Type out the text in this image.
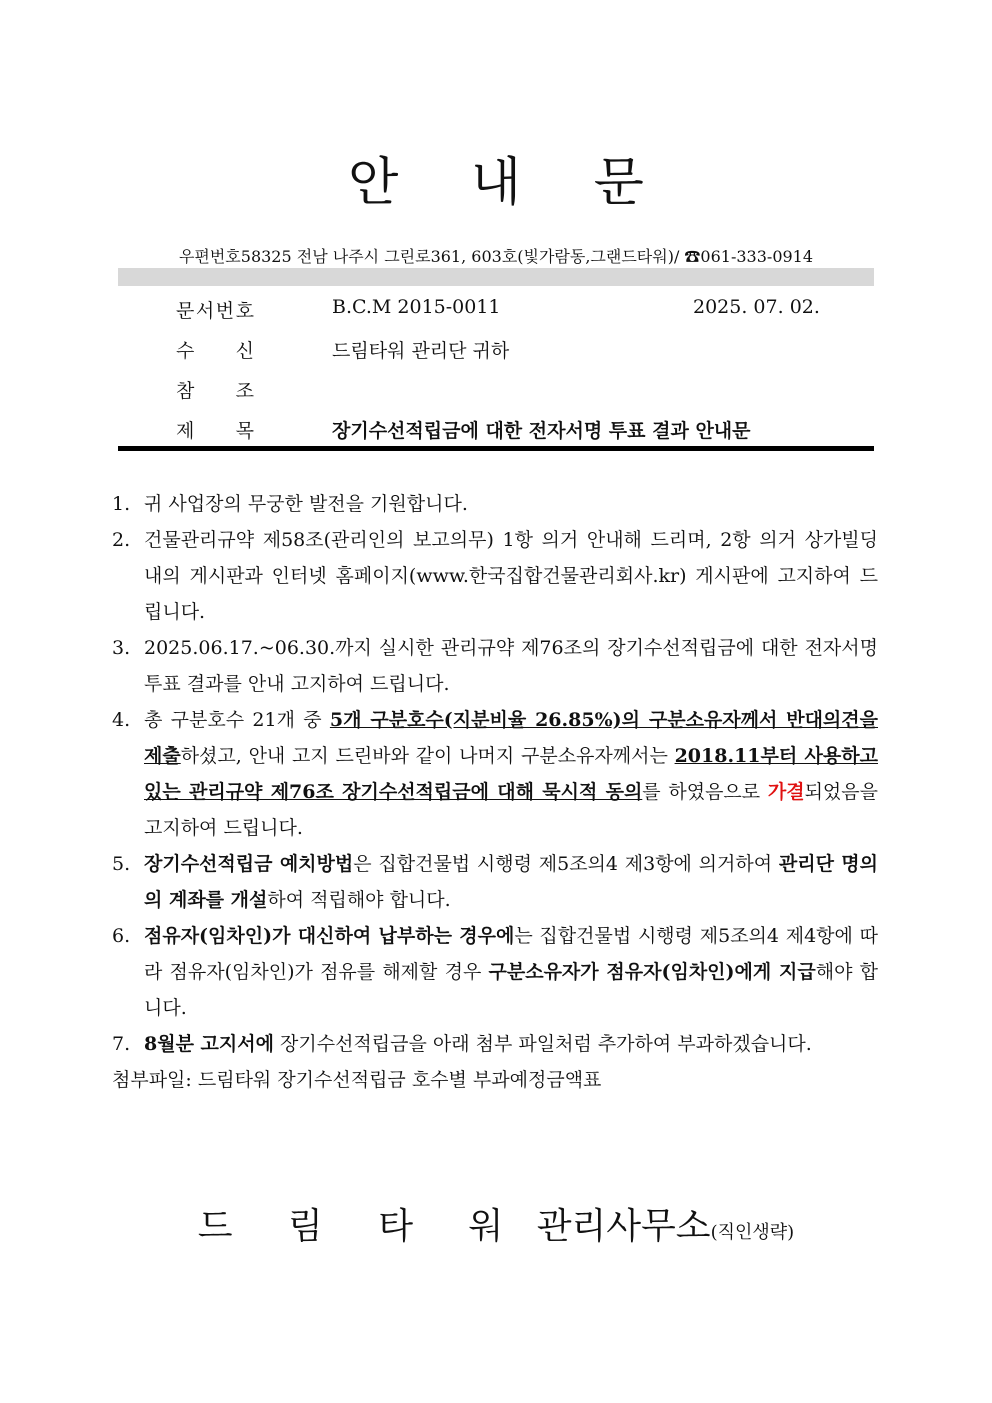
안 내 문
우편번호58325 전남 나주시 그린로361, 603호(빛가람동,그랜드타워)/ ☎061-333-0914
문 서 번 호	B.C.M 2015-0011	2025. 07. 02.
수 신	드림타워 관리단 귀하
참 조
제 목	장기수선적립금에 대한 전자서명 투표 결과 안내문
1. 귀 사업장의 무궁한 발전을 기원합니다.
2. 건물관리규약 제58조(관리인의 보고의무) 1항 의거 안내해 드리며, 2항 의거 상가빌딩 내의 게시판과 인터넷 홈페이지(www.한국집합건물관리회사.kr) 게시판에 고지하여 드립니다.
3. 2025.06.17.~06.30.까지 실시한 관리규약 제76조의 장기수선적립금에 대한 전자서명 투표 결과를 안내 고지하여 드립니다.
4. 총 구분호수 21개 중 5개 구분호수(지분비율 26.85%)의 구분소유자께서 반대의견을 제출하셨고, 안내 고지 드린바와 같이 나머지 구분소유자께서는 2018.11부터 사용하고 있는 관리규약 제76조 장기수선적립금에 대해 묵시적 동의를 하였음으로 가결되었음을 고지하여 드립니다.
5. 장기수선적립금 예치방법은 집합건물법 시행령 제5조의4 제3항에 의거하여 관리단 명의의 계좌를 개설하여 적립해야 합니다.
6. 점유자(임차인)가 대신하여 납부하는 경우에는 집합건물법 시행령 제5조의4 제4항에 따라 점유자(임차인)가 점유를 해제할 경우 구분소유자가 점유자(임차인)에게 지급해야 합니다.
7. 8월분 고지서에 장기수선적립금을 아래 첨부 파일처럼 추가하여 부과하겠습니다.
첨부파일: 드림타워 장기수선적립금 호수별 부과예정금액표
드 림 타 워 관리사무소(직인생략)
